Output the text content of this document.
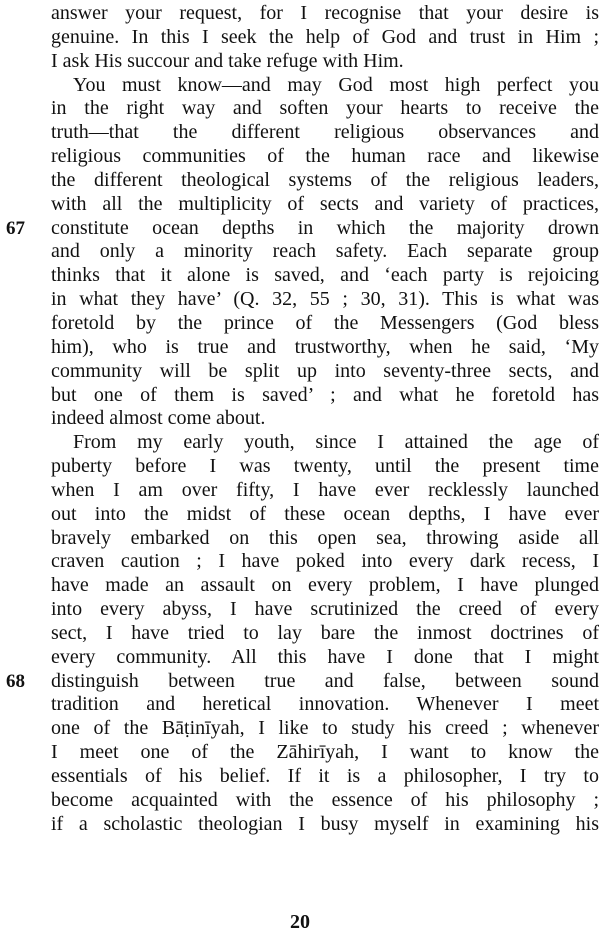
answer your request, for I recognise that your desire is
genuine. In this I seek the help of God and trust in Him ;
I ask His succour and take refuge with Him.
You must know—and may God most high perfect you
in the right way and soften your hearts to receive the
truth—that the different religious observances and
religious communities of the human race and likewise
the different theological systems of the religious leaders,
with all the multiplicity of sects and variety of practices,
constitute ocean depths in which the majority drown
and only a minority reach safety. Each separate group
thinks that it alone is saved, and ‘each party is rejoicing
in what they have’ (Q. 32, 55 ; 30, 31). This is what was
foretold by the prince of the Messengers (God bless
him), who is true and trustworthy, when he said, ‘My
community will be split up into seventy-three sects, and
but one of them is saved’ ; and what he foretold has
indeed almost come about.
From my early youth, since I attained the age of
puberty before I was twenty, until the present time
when I am over fifty, I have ever recklessly launched
out into the midst of these ocean depths, I have ever
bravely embarked on this open sea, throwing aside all
craven caution ; I have poked into every dark recess, I
have made an assault on every problem, I have plunged
into every abyss, I have scrutinized the creed of every
sect, I have tried to lay bare the inmost doctrines of
every community. All this have I done that I might
distinguish between true and false, between sound
tradition and heretical innovation. Whenever I meet
one of the Bāṭinīyah, I like to study his creed ; whenever
I meet one of the Zāhirīyah, I want to know the
essentials of his belief. If it is a philosopher, I try to
become acquainted with the essence of his philosophy ;
if a scholastic theologian I busy myself in examining his
20
67
68
